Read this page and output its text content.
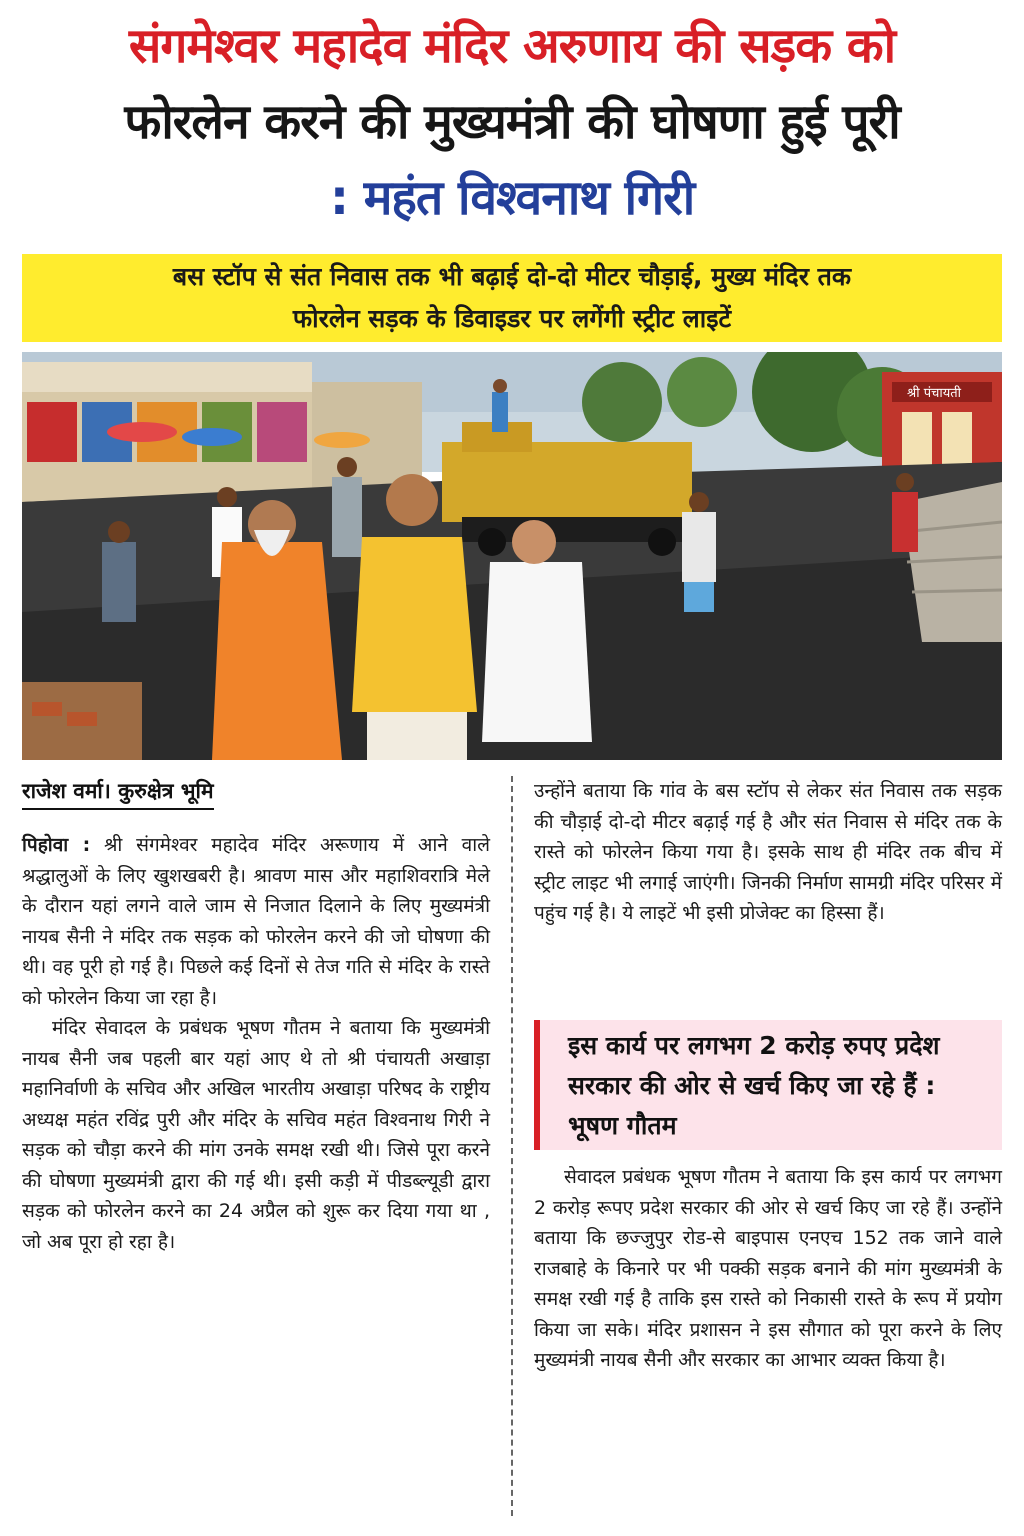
संगमेश्वर महादेव मंदिर अरुणाय की सड़क को
फोरलेन करने की मुख्यमंत्री की घोषणा हुई पूरी
: महंत विश्वनाथ गिरी
बस स्टॉप से संत निवास तक भी बढ़ाई दो-दो मीटर चौड़ाई, मुख्य मंदिर तक
फोरलेन सड़क के डिवाइडर पर लगेंगी स्ट्रीट लाइटें
श्री पंचायती
राजेश वर्मा। कुरुक्षेत्र भूमि

पिहोवा : श्री संगमेश्वर महादेव मंदिर अरूणाय में आने वाले श्रद्धालुओं के लिए खुशखबरी है। श्रावण मास और महाशिवरात्रि मेले के दौरान यहां लगने वाले जाम से निजात दिलाने के लिए मुख्यमंत्री नायब सैनी ने मंदिर तक सड़क को फोरलेन करने की जो घोषणा की थी। वह पूरी हो गई है। पिछले कई दिनों से तेज गति से मंदिर के रास्ते को फोरलेन किया जा रहा है।

मंदिर सेवादल के प्रबंधक भूषण गौतम ने बताया कि मुख्यमंत्री नायब सैनी जब पहली बार यहां आए थे तो श्री पंचायती अखाड़ा महानिर्वाणी के सचिव और अखिल भारतीय अखाड़ा परिषद के राष्ट्रीय अध्यक्ष महंत रविंद्र पुरी और मंदिर के सचिव महंत विश्वनाथ गिरी ने सड़क को चौड़ा करने की मांग उनके समक्ष रखी थी। जिसे पूरा करने की घोषणा मुख्यमंत्री द्वारा की गई थी। इसी कड़ी में पीडब्ल्यूडी द्वारा सड़क को फोरलेन करने का 24 अप्रैल को शुरू कर दिया गया था , जो अब पूरा हो रहा है।

उन्होंने बताया कि गांव के बस स्टॉप से लेकर संत निवास तक सड़क की चौड़ाई दो-दो मीटर बढ़ाई गई है और संत निवास से मंदिर तक के रास्ते को फोरलेन किया गया है। इसके साथ ही मंदिर तक बीच में स्ट्रीट लाइट भी लगाई जाएंगी। जिनकी निर्माण सामग्री मंदिर परिसर में पहुंच गई है। ये लाइटें भी इसी प्रोजेक्ट का हिस्सा हैं।

इस कार्य पर लगभग 2 करोड़ रुपए प्रदेश सरकार की ओर से खर्च किए जा रहे हैं : भूषण गौतम

सेवादल प्रबंधक भूषण गौतम ने बताया कि इस कार्य पर लगभग 2 करोड़ रूपए प्रदेश सरकार की ओर से खर्च किए जा रहे हैं। उन्होंने बताया कि छज्जुपुर रोड-से बाइपास एनएच 152 तक जाने वाले राजबाहे के किनारे पर भी पक्की सड़क बनाने की मांग मुख्यमंत्री के समक्ष रखी गई है ताकि इस रास्ते को निकासी रास्ते के रूप में प्रयोग किया जा सके। मंदिर प्रशासन ने इस सौगात को पूरा करने के लिए मुख्यमंत्री नायब सैनी और सरकार का आभार व्यक्त किया है।
